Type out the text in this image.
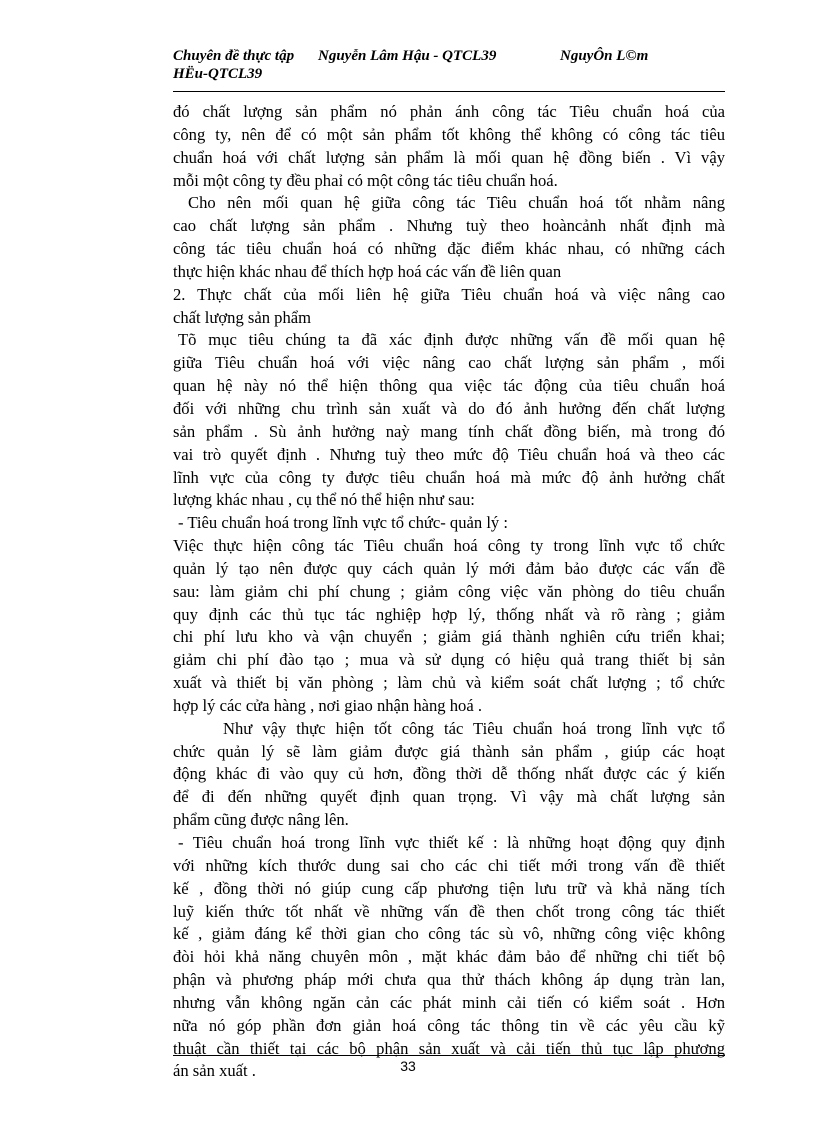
Chuyên đề thực tập Nguyễn Lâm Hậu - QTCL39	NguyÔn L©m
HËu-QTCL39
đó chất lượng sản phẩm nó phản ánh công tác Tiêu chuẩn hoá của
công ty, nên để có một sản phẩm tốt không thể không có công tác tiêu
chuẩn hoá với chất lượng sản phẩm là mối quan hệ đồng biến . Vì vậy
mỗi một công ty đều phaỉ có một công tác tiêu chuẩn hoá.
Cho nên mối quan hệ giữa công tác Tiêu chuẩn hoá tốt nhằm nâng
cao chất lượng sản phẩm . Nhưng tuỳ theo hoàncảnh nhất định mà
công tác tiêu chuẩn hoá có những đặc điểm khác nhau, có những cách
thực hiện khác nhau để thích hợp hoá các vấn đề liên quan
2. Thực chất của mối liên hệ giữa Tiêu chuẩn hoá và việc nâng cao
chất lượng sản phẩm
Tõ mục tiêu chúng ta đã xác định được những vấn đề mối quan hệ
giữa Tiêu chuẩn hoá với việc nâng cao chất lượng sản phẩm , mối
quan hệ này nó thể hiện thông qua việc tác động của tiêu chuẩn hoá
đối với những chu trình sản xuất và do đó ảnh hưởng đến chất lượng
sản phẩm . Sù ảnh hưởng naỳ mang tính chất đồng biến, mà trong đó
vai trò quyết định . Nhưng tuỳ theo mức độ Tiêu chuẩn hoá và theo các
lĩnh vực của công ty được tiêu chuẩn hoá mà mức độ ảnh hưởng chất
lượng khác nhau , cụ thể nó thể hiện như sau:
- Tiêu chuẩn hoá trong lĩnh vực tổ chức- quản lý :
Việc thực hiện công tác Tiêu chuẩn hoá công ty trong lĩnh vực tổ chức
quản lý tạo nên được quy cách quản lý mới đảm bảo được các vấn đề
sau: làm giảm chi phí chung ; giảm công việc văn phòng do tiêu chuẩn
quy định các thủ tục tác nghiệp hợp lý, thống nhất và rõ ràng ; giảm
chi phí lưu kho và vận chuyển ; giảm giá thành nghiên cứu triển khai;
giảm chi phí đào tạo ; mua và sử dụng có hiệu quả trang thiết bị sản
xuất và thiết bị văn phòng ; làm chủ và kiểm soát chất lượng ; tổ chức
hợp lý các cửa hàng , nơi giao nhận hàng hoá .
Như vậy thực hiện tốt công tác Tiêu chuẩn hoá trong lĩnh vực tổ
chức quản lý sẽ làm giảm được giá thành sản phẩm , giúp các hoạt
động khác đi vào quy củ hơn, đồng thời dễ thống nhất được các ý kiến
để đi đến những quyết định quan trọng. Vì vậy mà chất lượng sản
phẩm cũng được nâng lên.
- Tiêu chuẩn hoá trong lĩnh vực thiết kế : là những hoạt động quy định
với những kích thước dung sai cho các chi tiết mới trong vấn đề thiết
kế , đồng thời nó giúp cung cấp phương tiện lưu trữ và khả năng tích
luỹ kiến thức tốt nhất về những vấn đề then chốt trong công tác thiết
kế , giảm đáng kể thời gian cho công tác sù vô, những công việc không
đòi hỏi khả năng chuyên môn , mặt khác đảm bảo để những chi tiết bộ
phận và phương pháp mới chưa qua thử thách không áp dụng tràn lan,
nhưng vẫn không ngăn cản các phát minh cải tiến có kiểm soát . Hơn
nữa nó góp phần đơn giản hoá công tác thông tin về các yêu cầu kỹ
thuật cần thiết tại các bộ phận sản xuất và cải tiến thủ tục lập phương
án sản xuất .	33
